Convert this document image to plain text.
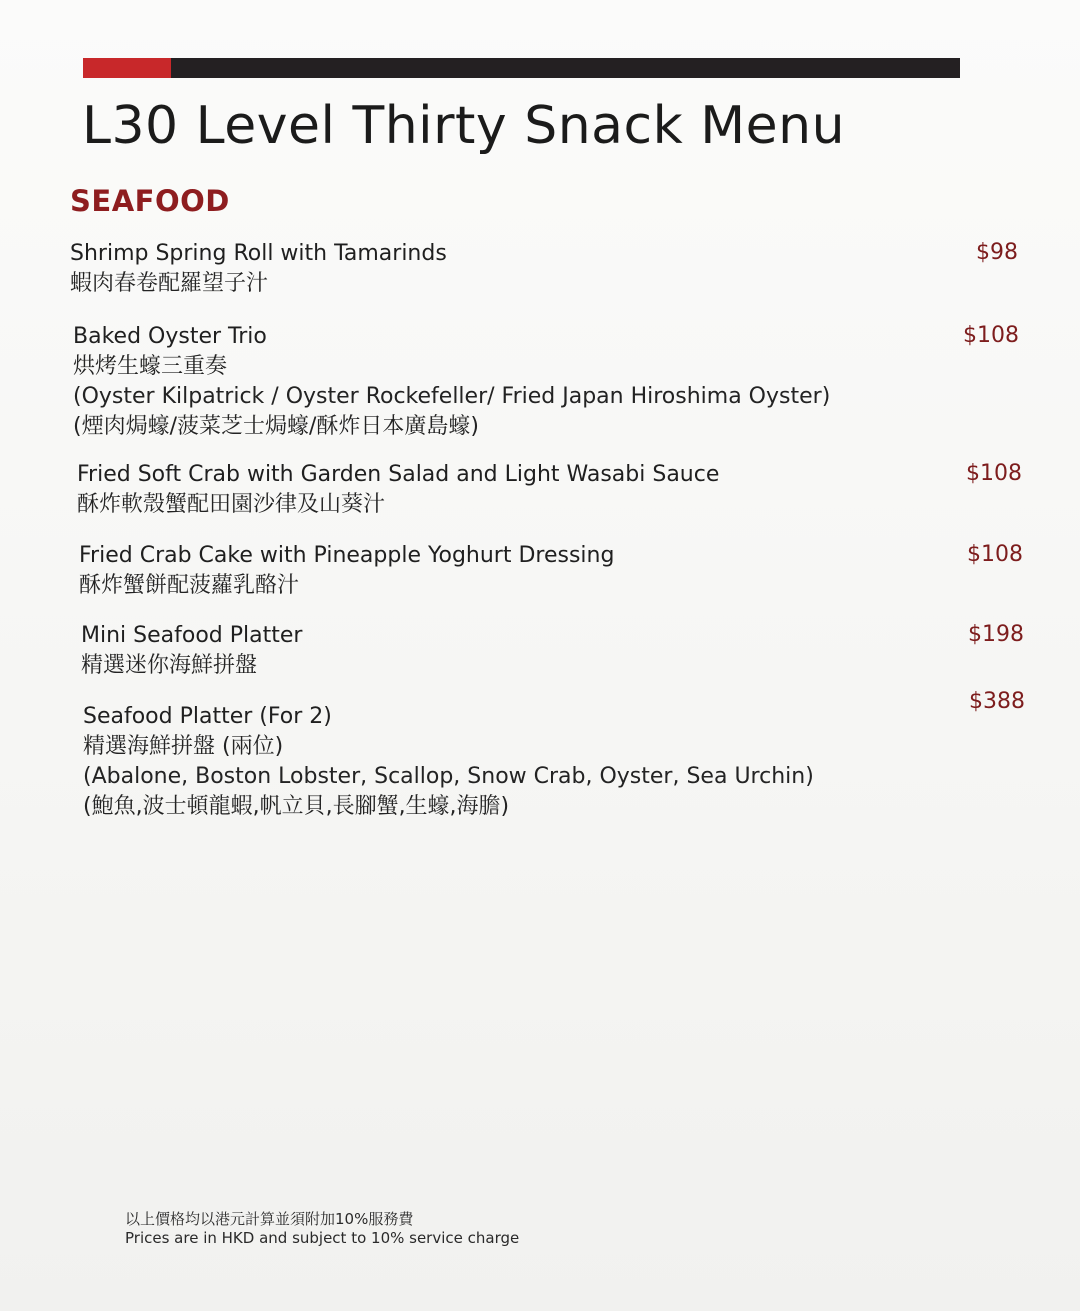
L30 Level Thirty Snack Menu
SEAFOOD
Shrimp Spring Roll with Tamarinds
蝦肉春卷配羅望子汁
$98
Baked Oyster Trio
烘烤生蠔三重奏
(Oyster Kilpatrick / Oyster Rockefeller/ Fried Japan Hiroshima Oyster)
(煙肉焗蠔/菠菜芝士焗蠔/酥炸日本廣島蠔)
$108
Fried Soft Crab with Garden Salad and Light Wasabi Sauce
酥炸軟殼蟹配田園沙律及山葵汁
$108
Fried Crab Cake with Pineapple Yoghurt Dressing
酥炸蟹餅配菠蘿乳酪汁
$108
Mini Seafood Platter
精選迷你海鮮拼盤
$198
Seafood Platter (For 2)
精選海鮮拼盤 (兩位)
(Abalone, Boston Lobster, Scallop, Snow Crab, Oyster, Sea Urchin)
(鮑魚,波士頓龍蝦,帆立貝,長腳蟹,生蠔,海膽)
$388
以上價格均以港元計算並須附加10%服務費
Prices are in HKD and subject to 10% service charge
